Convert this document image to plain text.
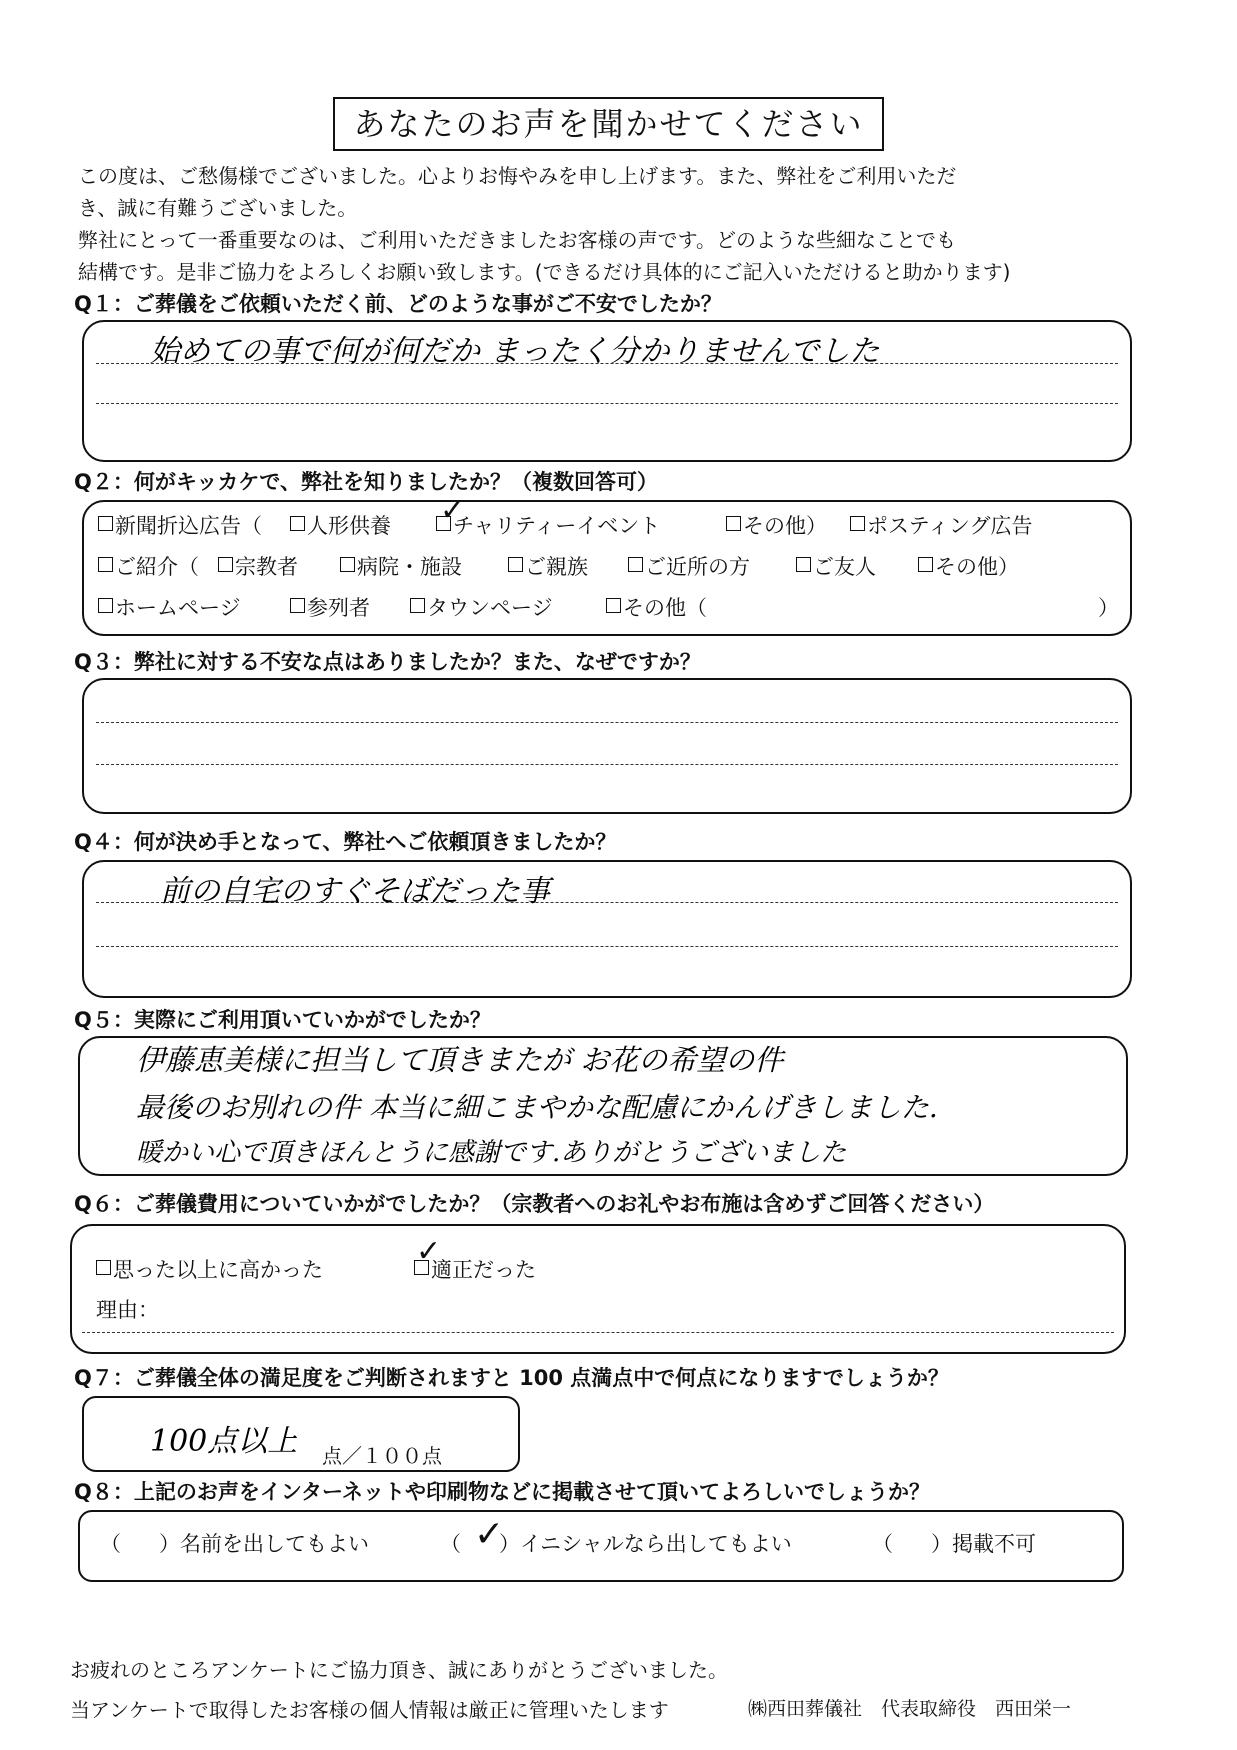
あなたのお声を聞かせてください
この度は、ご愁傷様でございました。心よりお悔やみを申し上げます。また、弊社をご利用いただ
き、誠に有難うございました。
弊社にとって一番重要なのは、ご利用いただきましたお客様の声です。どのような些細なことでも
結構です。是非ご協力をよろしくお願い致します。(できるだけ具体的にご記入いただけると助かります)
Q１：ご葬儀をご依頼いただく前、どのような事がご不安でしたか？
始めての事で何が何だか まったく分かりませんでした
Q２：何がキッカケで、弊社を知りましたか？（複数回答可）
新聞折込広告（	人形供養	チャリティーイベント
✓	その他）	ポスティング広告
ご紹介（	宗教者	病院・施設	ご親族	ご近所の方	ご友人	その他）
ホームページ	参列者	タウンページ	その他（	）
Q３：弊社に対する不安な点はありましたか？また、なぜですか？
Q４：何が決め手となって、弊社へご依頼頂きましたか？
前の自宅のすぐそばだった事
Q５：実際にご利用頂いていかがでしたか？
伊藤恵美様に担当して頂きまたが お花の希望の件
最後のお別れの件 本当に細こまやかな配慮にかんげきしました.
暖かい心で頂きほんとうに感謝です.ありがとうございました
Q６：ご葬儀費用についていかがでしたか？（宗教者へのお礼やお布施は含めずご回答ください）
思った以上に高かった	適正だった
✓
理由：
Q７：ご葬儀全体の満足度をご判断されますと 100 点満点中で何点になりますでしょうか？
100点以上 点／１００点
Q８：上記のお声をインターネットや印刷物などに掲載させて頂いてよろしいでしょうか？
（ ）名前を出してもよい	（ ）イニシャルなら出してもよい
✓	（ ）掲載不可
お疲れのところアンケートにご協力頂き、誠にありがとうございました。
当アンケートで取得したお客様の個人情報は厳正に管理いたします	㈱西田葬儀社　代表取締役　西田栄一
